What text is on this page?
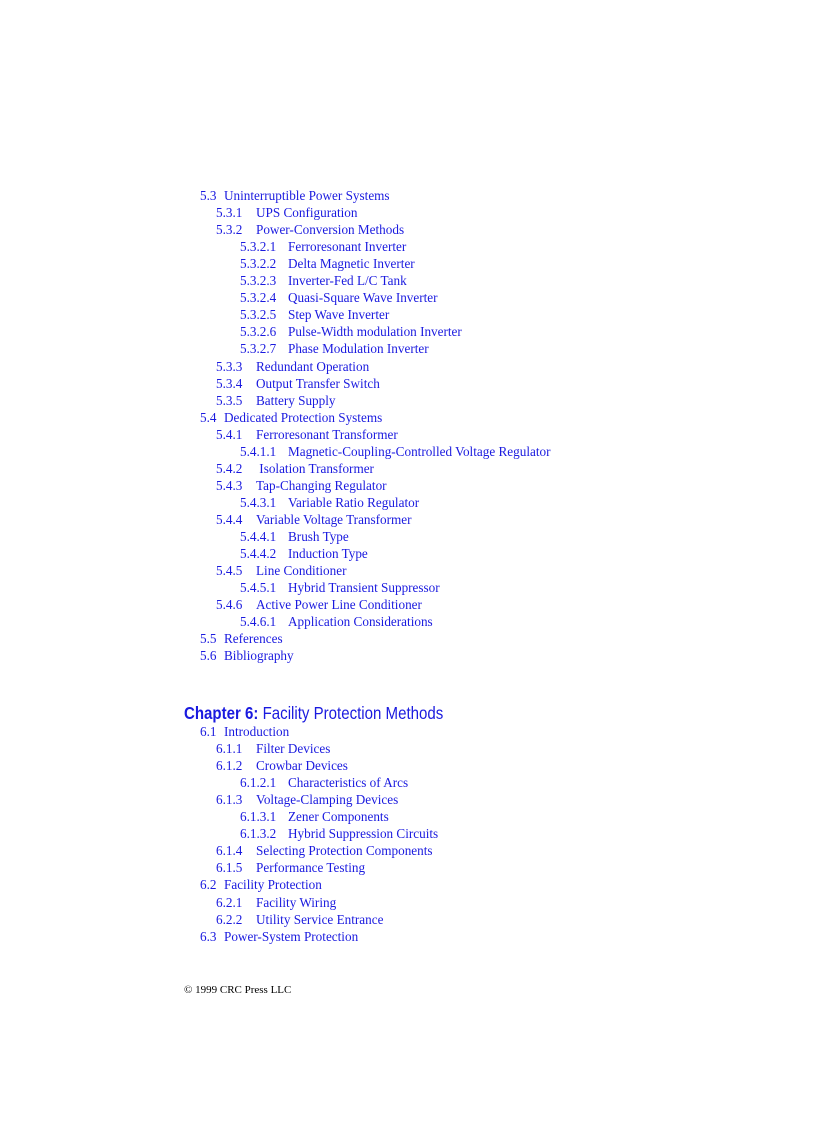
5.3 Uninterruptible Power Systems
5.3.1 UPS Configuration
5.3.2 Power-Conversion Methods
5.3.2.1 Ferroresonant Inverter
5.3.2.2 Delta Magnetic Inverter
5.3.2.3 Inverter-Fed L/C Tank
5.3.2.4 Quasi-Square Wave Inverter
5.3.2.5 Step Wave Inverter
5.3.2.6 Pulse-Width modulation Inverter
5.3.2.7 Phase Modulation Inverter
5.3.3 Redundant Operation
5.3.4 Output Transfer Switch
5.3.5 Battery Supply
5.4 Dedicated Protection Systems
5.4.1 Ferroresonant Transformer
5.4.1.1 Magnetic-Coupling-Controlled Voltage Regulator
5.4.2 Isolation Transformer
5.4.3 Tap-Changing Regulator
5.4.3.1 Variable Ratio Regulator
5.4.4 Variable Voltage Transformer
5.4.4.1 Brush Type
5.4.4.2 Induction Type
5.4.5 Line Conditioner
5.4.5.1 Hybrid Transient Suppressor
5.4.6 Active Power Line Conditioner
5.4.6.1 Application Considerations
5.5 References
5.6 Bibliography
Chapter 6: Facility Protection Methods
6.1 Introduction
6.1.1 Filter Devices
6.1.2 Crowbar Devices
6.1.2.1 Characteristics of Arcs
6.1.3 Voltage-Clamping Devices
6.1.3.1 Zener Components
6.1.3.2 Hybrid Suppression Circuits
6.1.4 Selecting Protection Components
6.1.5 Performance Testing
6.2 Facility Protection
6.2.1 Facility Wiring
6.2.2 Utility Service Entrance
6.3 Power-System Protection
© 1999 CRC Press LLC
